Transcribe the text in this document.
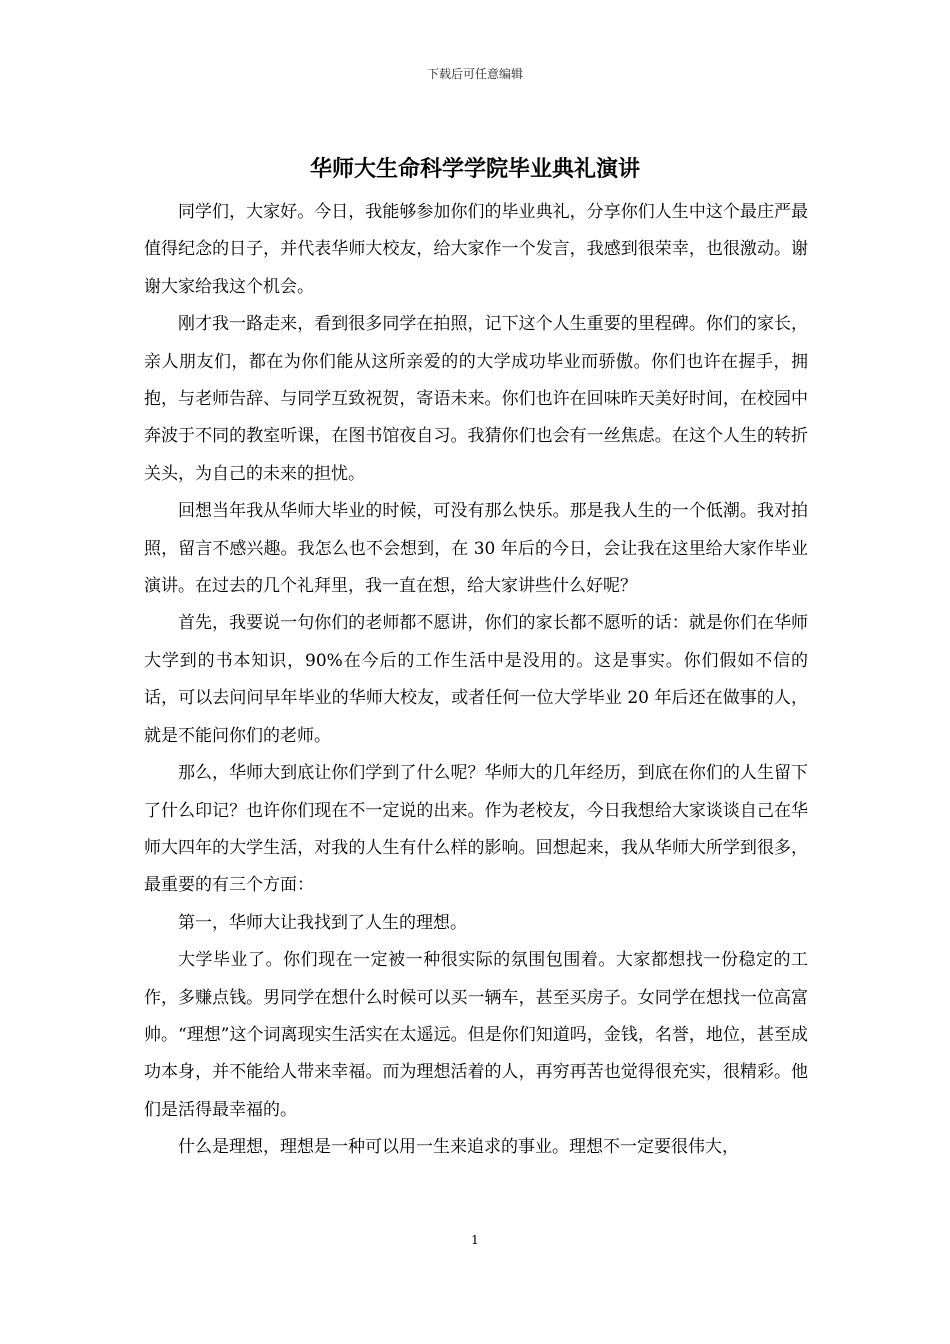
下载后可任意编辑
华师大生命科学学院毕业典礼演讲

同学们，大家好。今日，我能够参加你们的毕业典礼，分享你们人生中这个最庄严最值得纪念的日子，并代表华师大校友，给大家作一个发言，我感到很荣幸，也很激动。谢谢大家给我这个机会。

刚才我一路走来，看到很多同学在拍照，记下这个人生重要的里程碑。你们的家长，亲人朋友们，都在为你们能从这所亲爱的的大学成功毕业而骄傲。你们也许在握手，拥抱，与老师告辞、与同学互致祝贺，寄语未来。你们也许在回味昨天美好时间，在校园中奔波于不同的教室听课，在图书馆夜自习。我猜你们也会有一丝焦虑。在这个人生的转折关头，为自己的未来的担忧。

回想当年我从华师大毕业的时候，可没有那么快乐。那是我人生的一个低潮。我对拍照，留言不感兴趣。我怎么也不会想到，在 30 年后的今日，会让我在这里给大家作毕业演讲。在过去的几个礼拜里，我一直在想，给大家讲些什么好呢？

首先，我要说一句你们的老师都不愿讲，你们的家长都不愿听的话：就是你们在华师大学到的书本知识，90%在今后的工作生活中是没用的。这是事实。你们假如不信的话，可以去问问早年毕业的华师大校友，或者任何一位大学毕业 20 年后还在做事的人，就是不能问你们的老师。

那么，华师大到底让你们学到了什么呢？华师大的几年经历，到底在你们的人生留下了什么印记？也许你们现在不一定说的出来。作为老校友，今日我想给大家谈谈自己在华师大四年的大学生活，对我的人生有什么样的影响。回想起来，我从华师大所学到很多，最重要的有三个方面：

第一，华师大让我找到了人生的理想。

大学毕业了。你们现在一定被一种很实际的氛围包围着。大家都想找一份稳定的工作，多赚点钱。男同学在想什么时候可以买一辆车，甚至买房子。女同学在想找一位高富帅。“理想”这个词离现实生活实在太遥远。但是你们知道吗，金钱，名誉，地位，甚至成功本身，并不能给人带来幸福。而为理想活着的人，再穷再苦也觉得很充实，很精彩。他们是活得最幸福的。

什么是理想，理想是一种可以用一生来追求的事业。理想不一定要很伟大，

1
